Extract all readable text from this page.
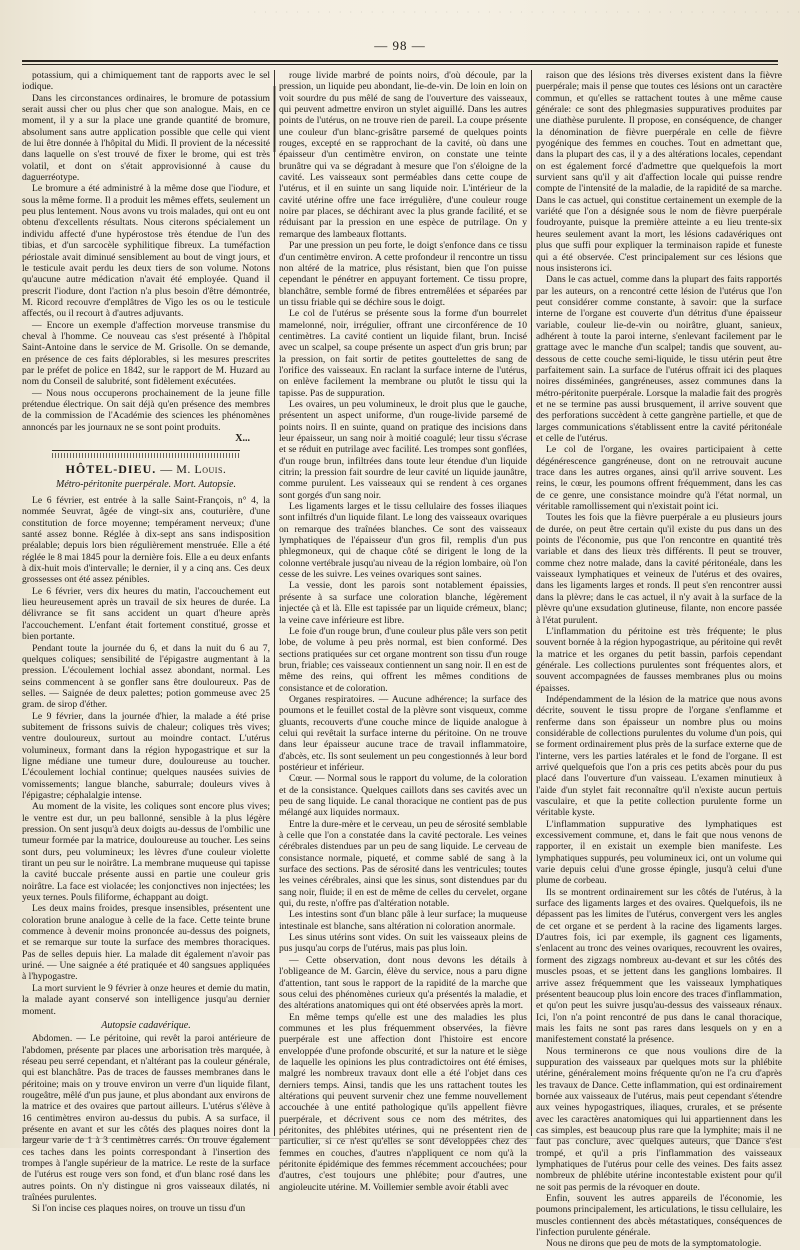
· · · · · · · · · · · · · · · · · · · · · · · · · · · · · · · · · · · · · · · · · · · · · · · · · · · ·
— 98 —

potassium, qui a chimiquement tant de rapports avec le sel iodique.

Dans les circonstances ordinaires, le bromure de potassium serait aussi cher ou plus cher que son analogue. Mais, en ce moment, il y a sur la place une grande quantité de bromure, absolument sans autre application possible que celle qui vient de lui être donnée à l'hôpital du Midi. Il provient de la nécessité dans laquelle on s'est trouvé de fixer le brome, qui est très volatil, et dont on s'était approvisionné à cause du daguerréotype.

Le bromure a été administré à la même dose que l'iodure, et sous la même forme. Il a produit les mêmes effets, seulement un peu plus lentement. Nous avons vu trois malades, qui ont eu ont obtenu d'excellents résultats. Nous citerons spécialement un individu affecté d'une hypérostose très étendue de l'un des tibias, et d'un sarcocèle syphilitique fibreux. La tuméfaction périostale avait diminué sensiblement au bout de vingt jours, et le testicule avait perdu les deux tiers de son volume. Notons qu'aucune autre médication n'avait été employée. Quand il prescrit l'iodure, dont l'action n'a plus besoin d'être démontrée, M. Ricord recouvre d'emplâtres de Vigo les os ou le testicule affectés, ou il recourt à d'autres adjuvants.

— Encore un exemple d'affection morveuse transmise du cheval à l'homme. Ce nouveau cas s'est présenté à l'hôpital Saint-Antoine dans le service de M. Grisolle. On se demande, en présence de ces faits déplorables, si les mesures prescrites par le préfet de police en 1842, sur le rapport de M. Huzard au nom du Conseil de salubrité, sont fidèlement exécutées.

— Nous nous occuperons prochainement de la jeune fille prétendue électrique. On sait déjà qu'en présence des membres de la commission de l'Académie des sciences les phénomènes annoncés par les journaux ne se sont point produits.

X...
HÔTEL-DIEU. — M. Louis.
Métro-péritonite puerpérale. Mort. Autopsie.

Le 6 février, est entrée à la salle Saint-François, n° 4, la nommée Seuvrat, âgée de vingt-six ans, couturière, d'une constitution de force moyenne; tempérament nerveux; d'une santé assez bonne. Réglée à dix-sept ans sans indisposition préalable; depuis lors bien régulièrement menstruée. Elle a été réglée le 8 mai 1845 pour la dernière fois. Elle a eu deux enfants à dix-huit mois d'intervalle; le dernier, il y a cinq ans. Ces deux grossesses ont été assez pénibles.

Le 6 février, vers dix heures du matin, l'accouchement eut lieu heureusement après un travail de six heures de durée. La délivrance se fit sans accident un quart d'heure après l'accouchement. L'enfant était fortement constitué, grosse et bien portante.

Pendant toute la journée du 6, et dans la nuit du 6 au 7, quelques coliques; sensibilité de l'épigastre augmentant à la pression. L'écoulement lochial assez abondant, normal. Les seins commencent à se gonfler sans être douloureux. Pas de selles. — Saignée de deux palettes; potion gommeuse avec 25 gram. de sirop d'éther.

Le 9 février, dans la journée d'hier, la malade a été prise subitement de frissons suivis de chaleur; coliques très vives; ventre douloureux, surtout au moindre contact. L'utérus volumineux, formant dans la région hypogastrique et sur la ligne médiane une tumeur dure, douloureuse au toucher. L'écoulement lochial continue; quelques nausées suivies de vomissements; langue blanche, saburrale; douleurs vives à l'épigastre; céphalalgie intense.

Au moment de la visite, les coliques sont encore plus vives; le ventre est dur, un peu ballonné, sensible à la plus légère pression. On sent jusqu'à deux doigts au-dessus de l'ombilic une tumeur formée par la matrice, douloureuse au toucher. Les seins sont durs, peu volumineux; les lèvres d'une couleur violette tirant un peu sur le noirâtre. La membrane muqueuse qui tapisse la cavité buccale présente aussi en partie une couleur gris noirâtre. La face est violacée; les conjonctives non injectées; les yeux ternes. Pouls filiforme, échappant au doigt.

Les deux mains froides, presque insensibles, présentent une coloration brune analogue à celle de la face. Cette teinte brune commence à devenir moins prononcée au-dessus des poignets, et se remarque sur toute la surface des membres thoraciques. Pas de selles depuis hier. La malade dit également n'avoir pas uriné. — Une saignée a été pratiquée et 40 sangsues appliquées à l'hypogastre.

La mort survient le 9 février à onze heures et demie du matin, la malade ayant conservé son intelligence jusqu'au dernier moment.

Autopsie cadavérique.

Abdomen. — Le péritoine, qui revêt la paroi antérieure de l'abdomen, présente par places une arborisation très marquée, à réseau peu serré cependant, et n'altérant pas la couleur générale, qui est blanchâtre. Pas de traces de fausses membranes dans le péritoine; mais on y trouve environ un verre d'un liquide filant, rougeâtre, mêlé d'un pus jaune, et plus abondant aux environs de la matrice et des ovaires que partout ailleurs. L'utérus s'élève à 16 centimètres environ au-dessus du pubis. A sa surface, il présente en avant et sur les côtés des plaques noires dont la largeur varie de 1 à 3 centimètres carrés. On trouve également ces taches dans les points correspondant à l'insertion des trompes à l'angle supérieur de la matrice. Le reste de la surface de l'utérus est rouge vers son fond, et d'un blanc rosé dans les autres points. On n'y distingue ni gros vaisseaux dilatés, ni traînées purulentes.

Si l'on incise ces plaques noires, on trouve un tissu d'un

rouge livide marbré de points noirs, d'où découle, par la pression, un liquide peu abondant, lie-de-vin. De loin en loin on voit sourdre du pus mêlé de sang de l'ouverture des vaisseaux, qui peuvent admettre environ un stylet aiguillé. Dans les autres points de l'utérus, on ne trouve rien de pareil. La coupe présente une couleur d'un blanc-grisâtre parsemé de quelques points rouges, excepté en se rapprochant de la cavité, où dans une épaisseur d'un centimètre environ, on constate une teinte brunâtre qui va se dégradant à mesure que l'on s'éloigne de la cavité. Les vaisseaux sont perméables dans cette coupe de l'utérus, et il en suinte un sang liquide noir. L'intérieur de la cavité utérine offre une face irrégulière, d'une couleur rouge noire par places, se déchirant avec la plus grande facilité, et se réduisant par la pression en une espèce de putrilage. On y remarque des lambeaux flottants.

Par une pression un peu forte, le doigt s'enfonce dans ce tissu d'un centimètre environ. A cette profondeur il rencontre un tissu non altéré de la matrice, plus résistant, bien que l'on puisse cependant le pénétrer en appuyant fortement. Ce tissu propre, blanchâtre, semble formé de fibres entremêlées et séparées par un tissu friable qui se déchire sous le doigt.

Le col de l'utérus se présente sous la forme d'un bourrelet mamelonné, noir, irrégulier, offrant une circonférence de 10 centimètres. La cavité contient un liquide filant, brun. Incisé avec un scalpel, sa coupe présente un aspect d'un gris brun; par la pression, on fait sortir de petites gouttelettes de sang de l'orifice des vaisseaux. En raclant la surface interne de l'utérus, on enlève facilement la membrane ou plutôt le tissu qui la tapisse. Pas de suppuration.

Les ovaires, un peu volumineux, le droit plus que le gauche, présentent un aspect uniforme, d'un rouge-livide parsemé de points noirs. Il en suinte, quand on pratique des incisions dans leur épaisseur, un sang noir à moitié coagulé; leur tissu s'écrase et se réduit en putrilage avec facilité. Les trompes sont gonflées, d'un rouge brun, infiltrées dans toute leur étendue d'un liquide citrin; la pression fait sourdre de leur cavité un liquide jaunâtre, comme purulent. Les vaisseaux qui se rendent à ces organes sont gorgés d'un sang noir.

Les ligaments larges et le tissu cellulaire des fosses iliaques sont infiltrés d'un liquide filant. Le long des vaisseaux ovariques on remarque des traînées blanches. Ce sont des vaisseaux lymphatiques de l'épaisseur d'un gros fil, remplis d'un pus phlegmoneux, qui de chaque côté se dirigent le long de la colonne vertébrale jusqu'au niveau de la région lombaire, où l'on cesse de les suivre. Les veines ovariques sont saines.

La vessie, dont les parois sont notablement épaissies, présente à sa surface une coloration blanche, légèrement injectée çà et là. Elle est tapissée par un liquide crémeux, blanc; la veine cave inférieure est libre.

Le foie d'un rouge brun, d'une couleur plus pâle vers son petit lobe, de volume à peu près normal, est bien conformé. Des sections pratiquées sur cet organe montrent son tissu d'un rouge brun, friable; ces vaisseaux contiennent un sang noir. Il en est de même des reins, qui offrent les mêmes conditions de consistance et de coloration.

Organes respiratoires. — Aucune adhérence; la surface des poumons et le feuillet costal de la plèvre sont visqueux, comme gluants, recouverts d'une couche mince de liquide analogue à celui qui revêtait la surface interne du péritoine. On ne trouve dans leur épaisseur aucune trace de travail inflammatoire, d'abcès, etc. Ils sont seulement un peu congestionnés à leur bord postérieur et inférieur.

Cœur. — Normal sous le rapport du volume, de la coloration et de la consistance. Quelques caillots dans ses cavités avec un peu de sang liquide. Le canal thoracique ne contient pas de pus mélangé aux liquides normaux.

Entre la dure-mère et le cerveau, un peu de sérosité semblable à celle que l'on a constatée dans la cavité pectorale. Les veines cérébrales distendues par un peu de sang liquide. Le cerveau de consistance normale, piqueté, et comme sablé de sang à la surface des sections. Pas de sérosité dans les ventricules; toutes les veines cérébrales, ainsi que les sinus, sont distendues par du sang noir, fluide; il en est de même de celles du cervelet, organe qui, du reste, n'offre pas d'altération notable.

Les intestins sont d'un blanc pâle à leur surface; la muqueuse intestinale est blanche, sans altération ni coloration anormale.

Les sinus utérins sont vides. On suit les vaisseaux pleins de pus jusqu'au corps de l'utérus, mais pas plus loin.

— Cette observation, dont nous devons les détails à l'obligeance de M. Garcin, élève du service, nous a paru digne d'attention, tant sous le rapport de la rapidité de la marche que sous celui des phénomènes curieux qu'a présentés la maladie, et des altérations anatomiques qui ont été observées après la mort.

En même temps qu'elle est une des maladies les plus communes et les plus fréquemment observées, la fièvre puerpérale est une affection dont l'histoire est encore enveloppée d'une profonde obscurité, et sur la nature et le siège de laquelle les opinions les plus contradictoires ont été émises, malgré les nombreux travaux dont elle a été l'objet dans ces derniers temps. Ainsi, tandis que les uns rattachent toutes les altérations qui peuvent survenir chez une femme nouvellement accouchée à une entité pathologique qu'ils appellent fièvre puerpérale, et décrivent sous ce nom des métrites, des péritonites, des phlébites utérines, qui ne présentent rien de particulier, si ce n'est qu'elles se sont développées chez des femmes en couches, d'autres n'appliquent ce nom qu'à la péritonite épidémique des femmes récemment accouchées; pour d'autres, c'est toujours une phlébite; pour d'autres, une angioleucite utérine. M. Voillemier semble avoir établi avec

raison que des lésions très diverses existent dans la fièvre puerpérale; mais il pense que toutes ces lésions ont un caractère commun, et qu'elles se rattachent toutes à une même cause générale: ce sont des phlegmasies suppuratives produites par une diathèse purulente. Il propose, en conséquence, de changer la dénomination de fièvre puerpérale en celle de fièvre pyogénique des femmes en couches. Tout en admettant que, dans la plupart des cas, il y a des altérations locales, cependant on est également forcé d'admettre que quelquefois la mort survient sans qu'il y ait d'affection locale qui puisse rendre compte de l'intensité de la maladie, de la rapidité de sa marche. Dans le cas actuel, qui constitue certainement un exemple de la variété que l'on a désignée sous le nom de fièvre puerpérale foudroyante, puisque la première atteinte a eu lieu trente-six heures seulement avant la mort, les lésions cadavériques ont plus que suffi pour expliquer la terminaison rapide et funeste qui a été observée. C'est principalement sur ces lésions que nous insisterons ici.

Dans le cas actuel, comme dans la plupart des faits rapportés par les auteurs, on a rencontré cette lésion de l'utérus que l'on peut considérer comme constante, à savoir: que la surface interne de l'organe est couverte d'un détritus d'une épaisseur variable, couleur lie-de-vin ou noirâtre, gluant, sanieux, adhérent à toute la paroi interne, s'enlevant facilement par le grattage avec le manche d'un scalpel; tandis que souvent, au-dessous de cette couche semi-liquide, le tissu utérin peut être parfaitement sain. La surface de l'utérus offrait ici des plaques noires disséminées, gangréneuses, assez communes dans la métro-péritonite puerpérale. Lorsque la maladie fait des progrès et ne se termine pas aussi brusquement, il arrive souvent que des perforations succèdent à cette gangrène partielle, et que de larges communications s'établissent entre la cavité péritonéale et celle de l'utérus.

Le col de l'organe, les ovaires participaient à cette dégénérescence gangréneuse, dont on ne retrouvait aucune trace dans les autres organes, ainsi qu'il arrive souvent. Les reins, le cœur, les poumons offrent fréquemment, dans les cas de ce genre, une consistance moindre qu'à l'état normal, un véritable ramollissement qui n'existait point ici.

Toutes les fois que la fièvre puerpérale a eu plusieurs jours de durée, on peut être certain qu'il existe du pus dans un des points de l'économie, pus que l'on rencontre en quantité très variable et dans des lieux très différents. Il peut se trouver, comme chez notre malade, dans la cavité péritonéale, dans les vaisseaux lymphatiques et veineux de l'utérus et des ovaires, dans les ligaments larges et ronds. Il peut s'en rencontrer aussi dans la plèvre; dans le cas actuel, il n'y avait à la surface de la plèvre qu'une exsudation glutineuse, filante, non encore passée à l'état purulent.

L'inflammation du péritoine est très fréquente; le plus souvent bornée à la région hypogastrique, au péritoine qui revêt la matrice et les organes du petit bassin, parfois cependant générale. Les collections purulentes sont fréquentes alors, et souvent accompagnées de fausses membranes plus ou moins épaisses.

Indépendamment de la lésion de la matrice que nous avons décrite, souvent le tissu propre de l'organe s'enflamme et renferme dans son épaisseur un nombre plus ou moins considérable de collections purulentes du volume d'un pois, qui se forment ordinairement plus près de la surface externe que de l'interne, vers les parties latérales et le fond de l'organe. Il est arrivé quelquefois que l'on a pris ces petits abcès pour du pus placé dans l'ouverture d'un vaisseau. L'examen minutieux à l'aide d'un stylet fait reconnaître qu'il n'existe aucun pertuis vasculaire, et que la petite collection purulente forme un véritable kyste.

L'inflammation suppurative des lymphatiques est excessivement commune, et, dans le fait que nous venons de rapporter, il en existait un exemple bien manifeste. Les lymphatiques suppurés, peu volumineux ici, ont un volume qui varie depuis celui d'une grosse épingle, jusqu'à celui d'une plume de corbeau.

Ils se montrent ordinairement sur les côtés de l'utérus, à la surface des ligaments larges et des ovaires. Quelquefois, ils ne dépassent pas les limites de l'utérus, convergent vers les angles de cet organe et se perdent à la racine des ligaments larges. D'autres fois, ici par exemple, ils gagnent ces ligaments, s'enlacent au tronc des veines ovariques, recouvrent les ovaires, forment des zigzags nombreux au-devant et sur les côtés des muscles psoas, et se jettent dans les ganglions lombaires. Il arrive assez fréquemment que les vaisseaux lymphatiques présentent beaucoup plus loin encore des traces d'inflammation, et qu'on peut les suivre jusqu'au-dessus des vaisseaux rénaux. Ici, l'on n'a point rencontré de pus dans le canal thoracique, mais les faits ne sont pas rares dans lesquels on y en a manifestement constaté la présence.

Nous terminerons ce que nous voulions dire de la suppuration des vaisseaux par quelques mots sur la phlébite utérine, généralement moins fréquente qu'on ne l'a cru d'après les travaux de Dance. Cette inflammation, qui est ordinairement bornée aux vaisseaux de l'utérus, mais peut cependant s'étendre aux veines hypogastriques, iliaques, crurales, et se présente avec les caractères anatomiques qui lui appartiennent dans les cas simples, est beaucoup plus rare que la lymphite; mais il ne faut pas conclure, avec quelques auteurs, que Dance s'est trompé, et qu'il a pris l'inflammation des vaisseaux lymphatiques de l'utérus pour celle des veines. Des faits assez nombreux de phlébite utérine incontestable existent pour qu'il ne soit pas permis de la révoquer en doute.

Enfin, souvent les autres appareils de l'économie, les poumons principalement, les articulations, le tissu cellulaire, les muscles contiennent des abcès métastatiques, conséquences de l'infection purulente générale.

Nous ne dirons que peu de mots de la symptomatologie.
